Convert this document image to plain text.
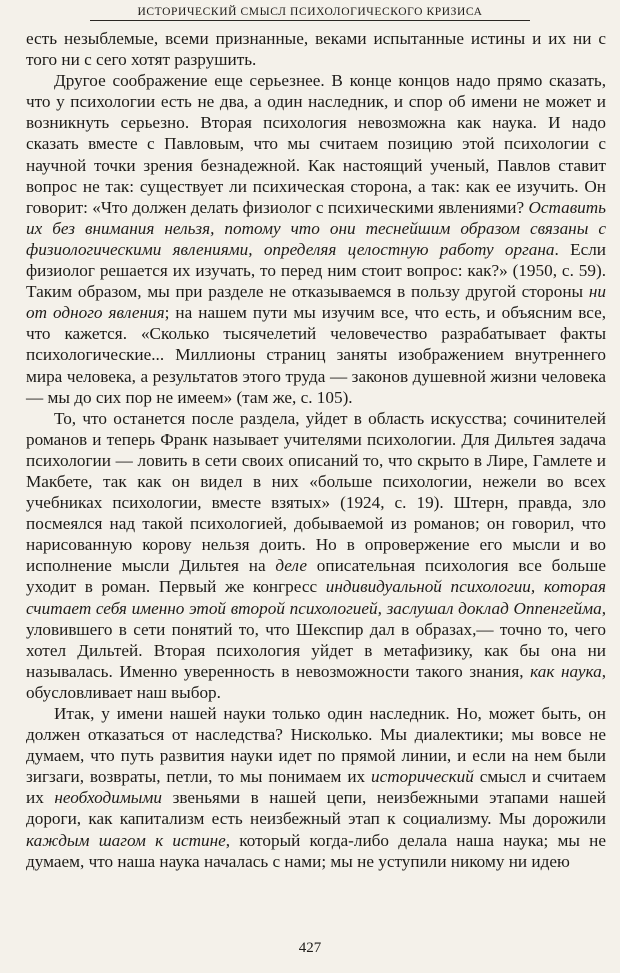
ИСТОРИЧЕСКИЙ СМЫСЛ ПСИХОЛОГИЧЕСКОГО КРИЗИСА

есть незыблемые, всеми признанные, веками испытанные истины и их ни с того ни с сего хотят разрушить.

Другое соображение еще серьезнее. В конце концов надо прямо сказать, что у психологии есть не два, а один наследник, и спор об имени не может и возникнуть серьезно. Вторая психология невозможна как наука. И надо сказать вместе с Павловым, что мы считаем позицию этой психологии с научной точки зрения безнадежной. Как настоящий ученый, Павлов ставит вопрос не так: существует ли психическая сторона, а так: как ее изучить. Он говорит: «Что должен делать физиолог с психическими явлениями? Оставить их без внимания нельзя, потому что они теснейшим образом связаны с физиологическими явлениями, определяя целостную работу органа. Если физиолог решается их изучать, то перед ним стоит вопрос: как?» (1950, с. 59). Таким образом, мы при разделе не отказываемся в пользу другой стороны ни от одного явления; на нашем пути мы изучим все, что есть, и объясним все, что кажется. «Сколько тысячелетий человечество разрабатывает факты психологические... Миллионы страниц заняты изображением внутреннего мира человека, а результатов этого труда — законов душевной жизни человека — мы до сих пор не имеем» (там же, с. 105).

То, что останется после раздела, уйдет в область искусства; сочинителей романов и теперь Франк называет учителями психологии. Для Дильтея задача психологии — ловить в сети своих описаний то, что скрыто в Лире, Гамлете и Макбете, так как он видел в них «больше психологии, нежели во всех учебниках психологии, вместе взятых» (1924, с. 19). Штерн, правда, зло посмеялся над такой психологией, добываемой из романов; он говорил, что нарисованную корову нельзя доить. Но в опровержение его мысли и во исполнение мысли Дильтея на деле описательная психология все больше уходит в роман. Первый же конгресс индивидуальной психологии, которая считает себя именно этой второй психологией, заслушал доклад Оппенгейма, уловившего в сети понятий то, что Шекспир дал в образах,— точно то, чего хотел Дильтей. Вторая психология уйдет в метафизику, как бы она ни называлась. Именно уверенность в невозможности такого знания, как наука, обусловливает наш выбор.

Итак, у имени нашей науки только один наследник. Но, может быть, он должен отказаться от наследства? Нисколько. Мы диалектики; мы вовсе не думаем, что путь развития науки идет по прямой линии, и если на нем были зигзаги, возвраты, петли, то мы понимаем их исторический смысл и считаем их необходимыми звеньями в нашей цепи, неизбежными этапами нашей дороги, как капитализм есть неизбежный этап к социализму. Мы дорожили каждым шагом к истине, который когда-либо делала наша наука; мы не думаем, что наша наука началась с нами; мы не уступили никому ни идею

427
